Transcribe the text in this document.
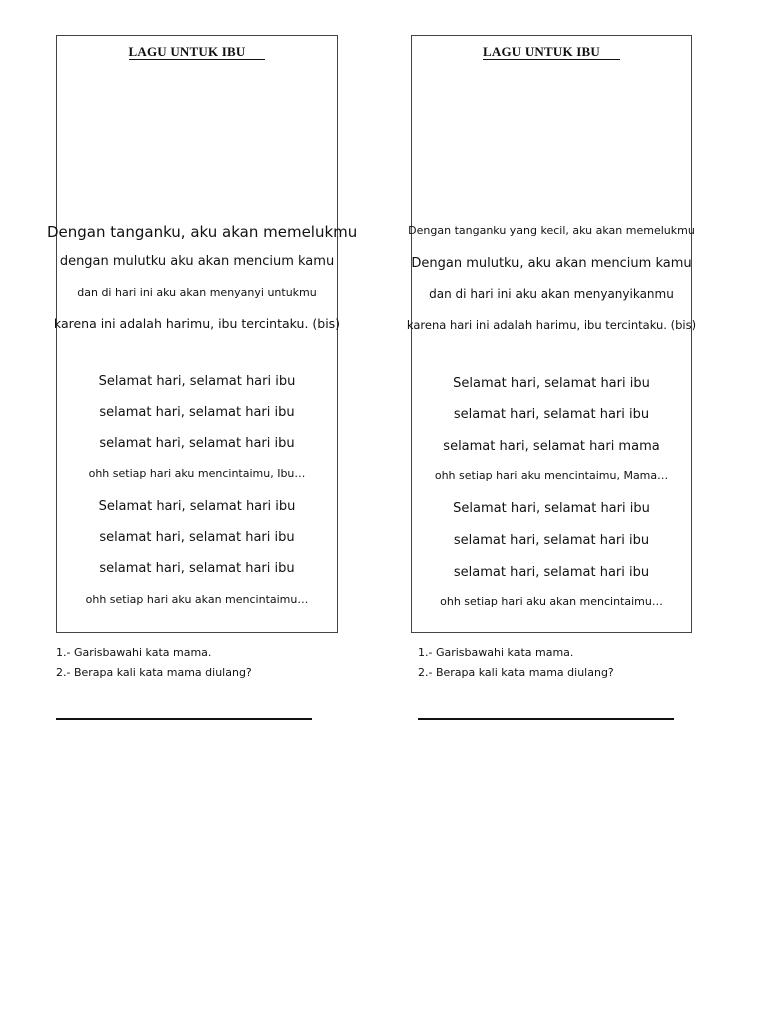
LAGU UNTUK IBU
Dengan tanganku, aku akan memelukmu
dengan mulutku aku akan mencium kamu
dan di hari ini aku akan menyanyi untukmu
karena ini adalah harimu, ibu tercintaku. (bis)
Selamat hari, selamat hari ibu
selamat hari, selamat hari ibu
selamat hari, selamat hari ibu
ohh setiap hari aku mencintaimu, Ibu…
Selamat hari, selamat hari ibu
selamat hari, selamat hari ibu
selamat hari, selamat hari ibu
ohh setiap hari aku akan mencintaimu…
1.- Garisbawahi kata mama.
2.- Berapa kali kata mama diulang?
LAGU UNTUK IBU
Dengan tanganku yang kecil, aku akan memelukmu
Dengan mulutku, aku akan mencium kamu
dan di hari ini aku akan menyanyikanmu
karena hari ini adalah harimu, ibu tercintaku. (bis)
Selamat hari, selamat hari ibu
selamat hari, selamat hari ibu
selamat hari, selamat hari mama
ohh setiap hari aku mencintaimu, Mama…
Selamat hari, selamat hari ibu
selamat hari, selamat hari ibu
selamat hari, selamat hari ibu
ohh setiap hari aku akan mencintaimu…
1.- Garisbawahi kata mama.
2.- Berapa kali kata mama diulang?
